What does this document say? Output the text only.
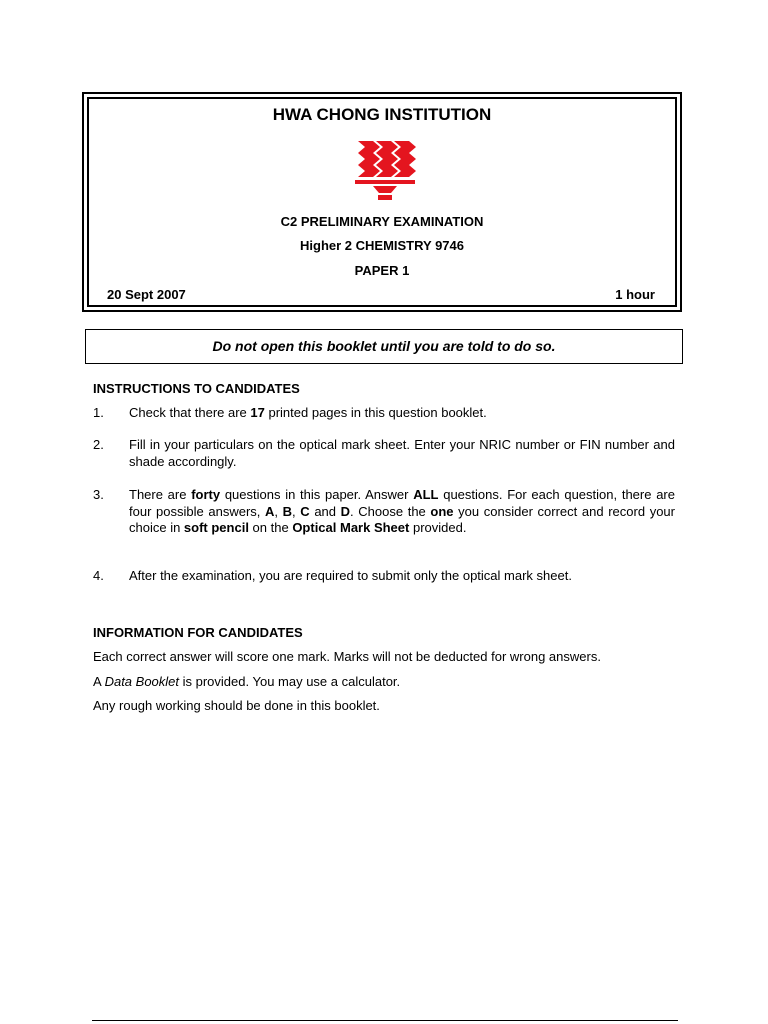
HWA CHONG INSTITUTION
C2 PRELIMINARY EXAMINATION
Higher 2 CHEMISTRY 9746
PAPER 1
20 Sept 2007	1 hour
Do not open this booklet until you are told to do so.
INSTRUCTIONS TO CANDIDATES
1. Check that there are 17 printed pages in this question booklet.
2. Fill in your particulars on the optical mark sheet. Enter your NRIC number or FIN number and shade accordingly.
3. There are forty questions in this paper. Answer ALL questions. For each question, there are four possible answers, A, B, C and D. Choose the one you consider correct and record your choice in soft pencil on the Optical Mark Sheet provided.
4. After the examination, you are required to submit only the optical mark sheet.
INFORMATION FOR CANDIDATES
Each correct answer will score one mark. Marks will not be deducted for wrong answers.
A Data Booklet is provided. You may use a calculator.
Any rough working should be done in this booklet.
